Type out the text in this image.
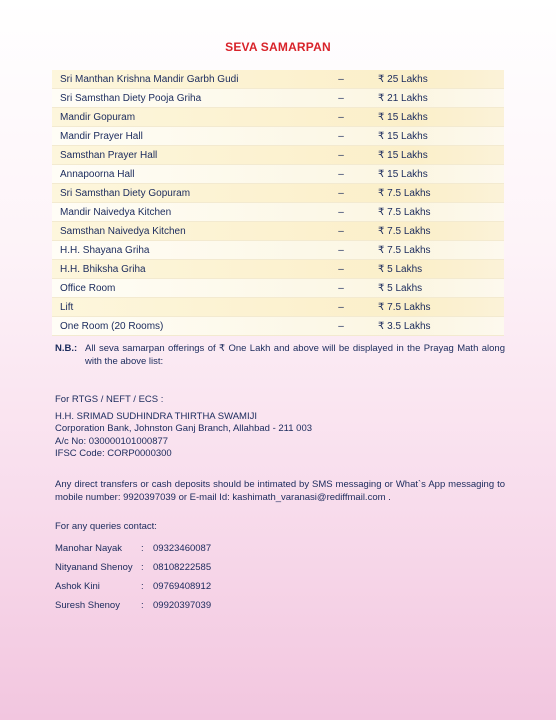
SEVA SAMARPAN
Sri Manthan Krishna Mandir Garbh Gudi	–	₹ 25 Lakhs
Sri Samsthan Diety Pooja Griha	–	₹ 21 Lakhs
Mandir Gopuram	–	₹ 15 Lakhs
Mandir Prayer Hall	–	₹ 15 Lakhs
Samsthan Prayer Hall	–	₹ 15 Lakhs
Annapoorna Hall	–	₹ 15 Lakhs
Sri Samsthan Diety Gopuram	–	₹ 7.5 Lakhs
Mandir Naivedya Kitchen	–	₹ 7.5 Lakhs
Samsthan Naivedya Kitchen	–	₹ 7.5 Lakhs
H.H. Shayana Griha	–	₹ 7.5 Lakhs
H.H. Bhiksha Griha	–	₹ 5 Lakhs
Office Room	–	₹ 5 Lakhs
Lift	–	₹ 7.5 Lakhs
One Room (20 Rooms)	–	₹ 3.5 Lakhs
N.B.: All seva samarpan offerings of ₹ One Lakh and above will be displayed in the Prayag Math along with the above list:
For RTGS / NEFT / ECS :
H.H. SRIMAD SUDHINDRA THIRTHA SWAMIJI
Corporation Bank, Johnston Ganj Branch, Allahbad - 211 003
A/c No: 030000101000877
IFSC Code: CORP0000300
Any direct transfers or cash deposits should be intimated by SMS messaging or What`s App messaging to mobile number: 9920397039 or E-mail Id: kashimath_varanasi@rediffmail.com .
For any queries contact:
Manohar Nayak	: 09323460087
Nityanand Shenoy : 08108222585
Ashok Kini	: 09769408912
Suresh Shenoy	: 09920397039
